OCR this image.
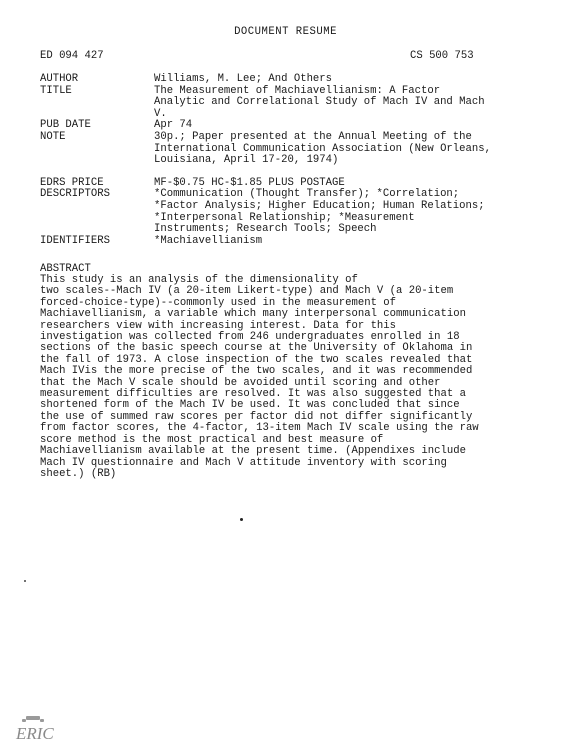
DOCUMENT RESUME
ED 094 427	CS 500 753
AUTHOR	Williams, M. Lee; And Others
TITLE	The Measurement of Machiavellianism: A Factor
Analytic and Correlational Study of Mach IV and Mach
V.
PUB DATE	Apr 74
NOTE	30p.; Paper presented at the Annual Meeting of the
International Communication Association (New Orleans,
Louisiana, April 17-20, 1974)
EDRS PRICE	MF-$0.75 HC-$1.85 PLUS POSTAGE
DESCRIPTORS	*Communication (Thought Transfer); *Correlation;
*Factor Analysis; Higher Education; Human Relations;
*Interpersonal Relationship; *Measurement
Instruments; Research Tools; Speech
IDENTIFIERS	*Machiavellianism
ABSTRACT
This study is an analysis of the dimensionality of
two scales--Mach IV (a 20-item Likert-type) and Mach V (a 20-item
forced-choice-type)--commonly used in the measurement of
Machiavellianism, a variable which many interpersonal communication
researchers view with increasing interest. Data for this
investigation was collected from 246 undergraduates enrolled in 18
sections of the basic speech course at the University of Oklahoma in
the fall of 1973. A close inspection of the two scales revealed that
Mach IVis the more precise of the two scales, and it was recommended
that the Mach V scale should be avoided until scoring and other
measurement difficulties are resolved. It was also suggested that a
shortened form of the Mach IV be used. It was concluded that since
the use of summed raw scores per factor did not differ significantly
from factor scores, the 4-factor, 13-item Mach IV scale using the raw
score method is the most practical and best measure of
Machiavellianism available at the present time. (Appendixes include
Mach IV questionnaire and Mach V attitude inventory with scoring
sheet.) (RB)
ERIC
